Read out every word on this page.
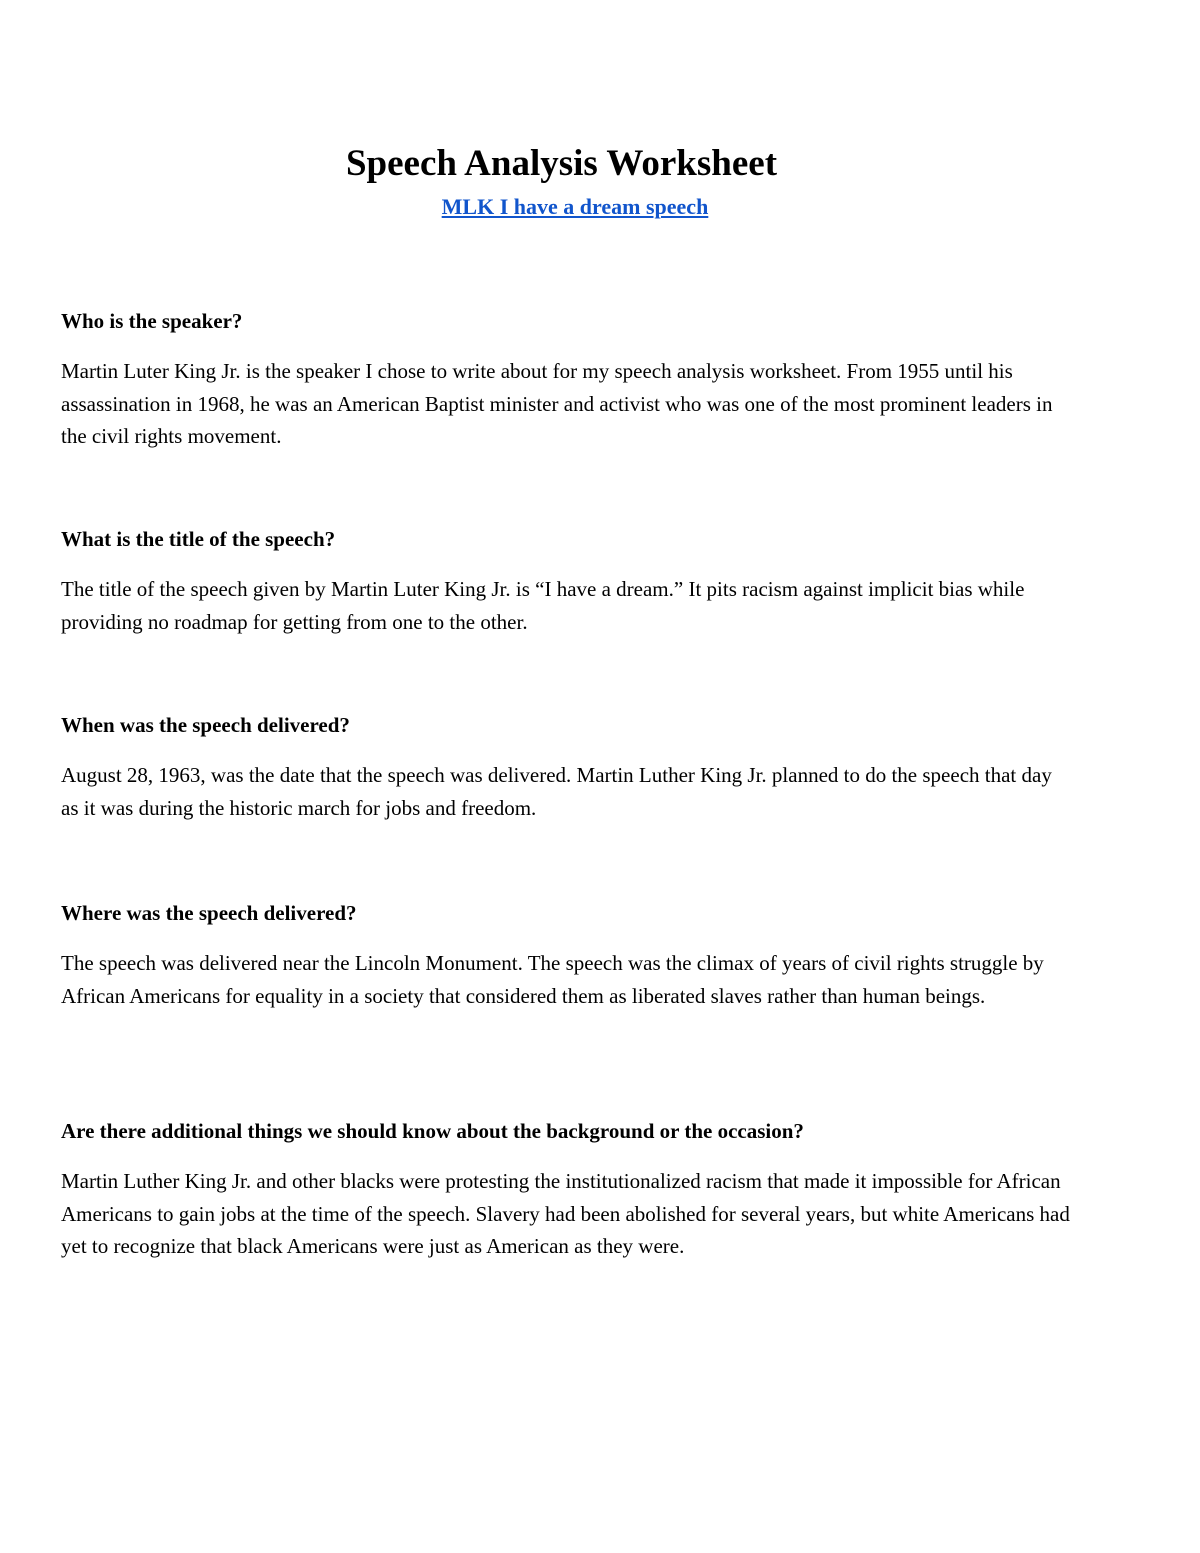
Speech Analysis Worksheet
MLK I have a dream speech

Who is the speaker?

Martin Luter King Jr. is the speaker I chose to write about for my speech analysis worksheet. From 1955 until his assassination in 1968, he was an American Baptist minister and activist who was one of the most prominent leaders in the civil rights movement.

What is the title of the speech?

The title of the speech given by Martin Luter King Jr. is “I have a dream.” It pits racism against implicit bias while providing no roadmap for getting from one to the other.

When was the speech delivered?

August 28, 1963, was the date that the speech was delivered. Martin Luther King Jr. planned to do the speech that day as it was during the historic march for jobs and freedom.

Where was the speech delivered?

The speech was delivered near the Lincoln Monument. The speech was the climax of years of civil rights struggle by African Americans for equality in a society that considered them as liberated slaves rather than human beings.

Are there additional things we should know about the background or the occasion?

Martin Luther King Jr. and other blacks were protesting the institutionalized racism that made it impossible for African Americans to gain jobs at the time of the speech. Slavery had been abolished for several years, but white Americans had yet to recognize that black Americans were just as American as they were.
